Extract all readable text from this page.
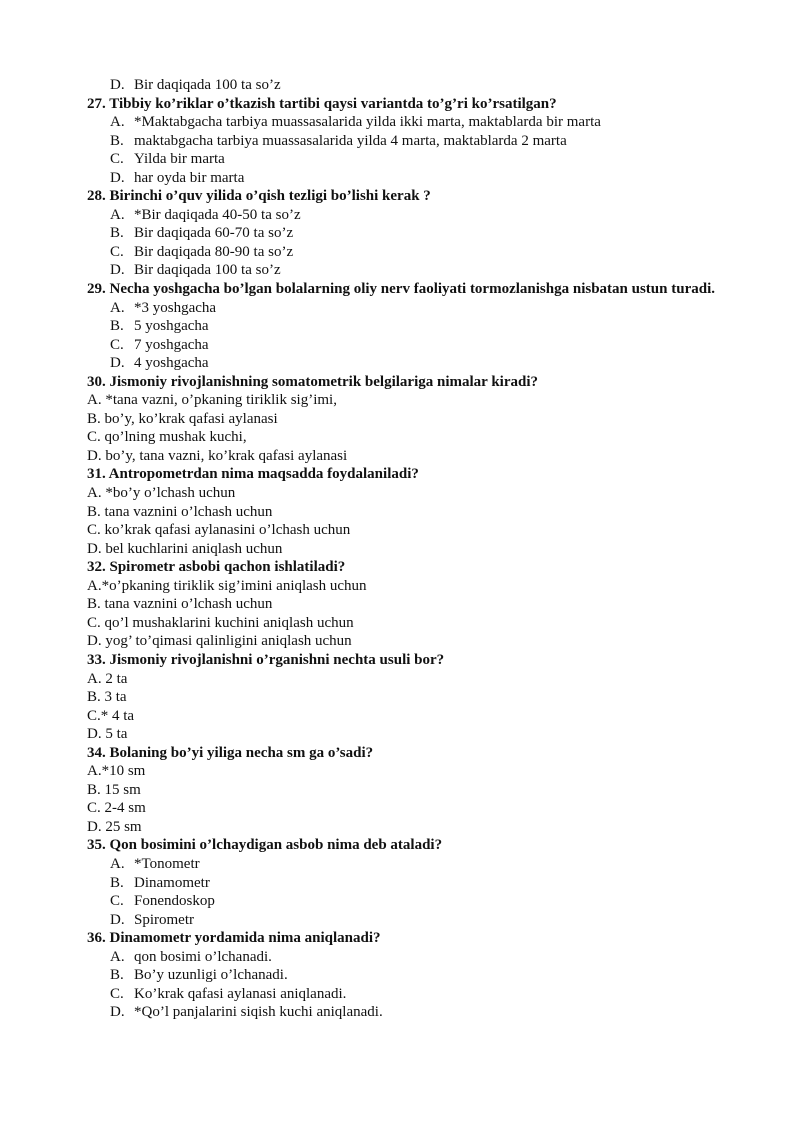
D. Bir daqiqada 100 ta so’z
27. Tibbiy ko’riklar o’tkazish tartibi qaysi variantda to’g’ri ko’rsatilgan?
A. *Maktabgacha tarbiya muassasalarida yilda ikki marta, maktablarda bir marta
B. maktabgacha tarbiya muassasalarida yilda 4 marta, maktablarda 2 marta
C. Yilda bir marta
D. har oyda bir marta
28. Birinchi o’quv yilida o’qish tezligi bo’lishi kerak ?
A. *Bir daqiqada 40-50 ta so’z
B. Bir daqiqada 60-70 ta so’z
C. Bir daqiqada 80-90 ta so’z
D. Bir daqiqada 100 ta so’z
29. Necha yoshgacha bo’lgan bolalarning oliy nerv faoliyati tormozlanishga nisbatan ustun turadi.
A. *3 yoshgacha
B. 5 yoshgacha
C. 7 yoshgacha
D. 4 yoshgacha
30. Jismoniy rivojlanishning somatometrik belgilariga nimalar kiradi?
A. *tana vazni, o’pkaning tiriklik sig’imi,
B. bo’y, ko’krak qafasi aylanasi
C. qo’lning mushak kuchi,
D. bo’y, tana vazni, ko’krak qafasi aylanasi
31. Antropometrdan nima maqsadda foydalaniladi?
A. *bo’y o’lchash uchun
B. tana vaznini o’lchash uchun
C. ko’krak qafasi aylanasini o’lchash uchun
D. bel kuchlarini aniqlash uchun
32. Spirometr asbobi qachon ishlatiladi?
A.*o’pkaning tiriklik sig’imini aniqlash uchun
B. tana vaznini o’lchash uchun
C. qo’l mushaklarini kuchini aniqlash uchun
D. yog’ to’qimasi qalinligini aniqlash uchun
33. Jismoniy rivojlanishni o’rganishni nechta usuli bor?
A. 2 ta
B. 3 ta
C.* 4 ta
D. 5 ta
34. Bolaning bo’yi yiliga necha sm ga o’sadi?
A.*10 sm
B. 15 sm
C. 2-4 sm
D. 25 sm
35. Qon bosimini o’lchaydigan asbob nima deb ataladi?
A. *Tonometr
B. Dinamometr
C. Fonendoskop
D. Spirometr
36. Dinamometr yordamida nima aniqlanadi?
A. qon bosimi o’lchanadi.
B. Bo’y uzunligi o’lchanadi.
C. Ko’krak qafasi aylanasi aniqlanadi.
D. *Qo’l panjalarini siqish kuchi aniqlanadi.
